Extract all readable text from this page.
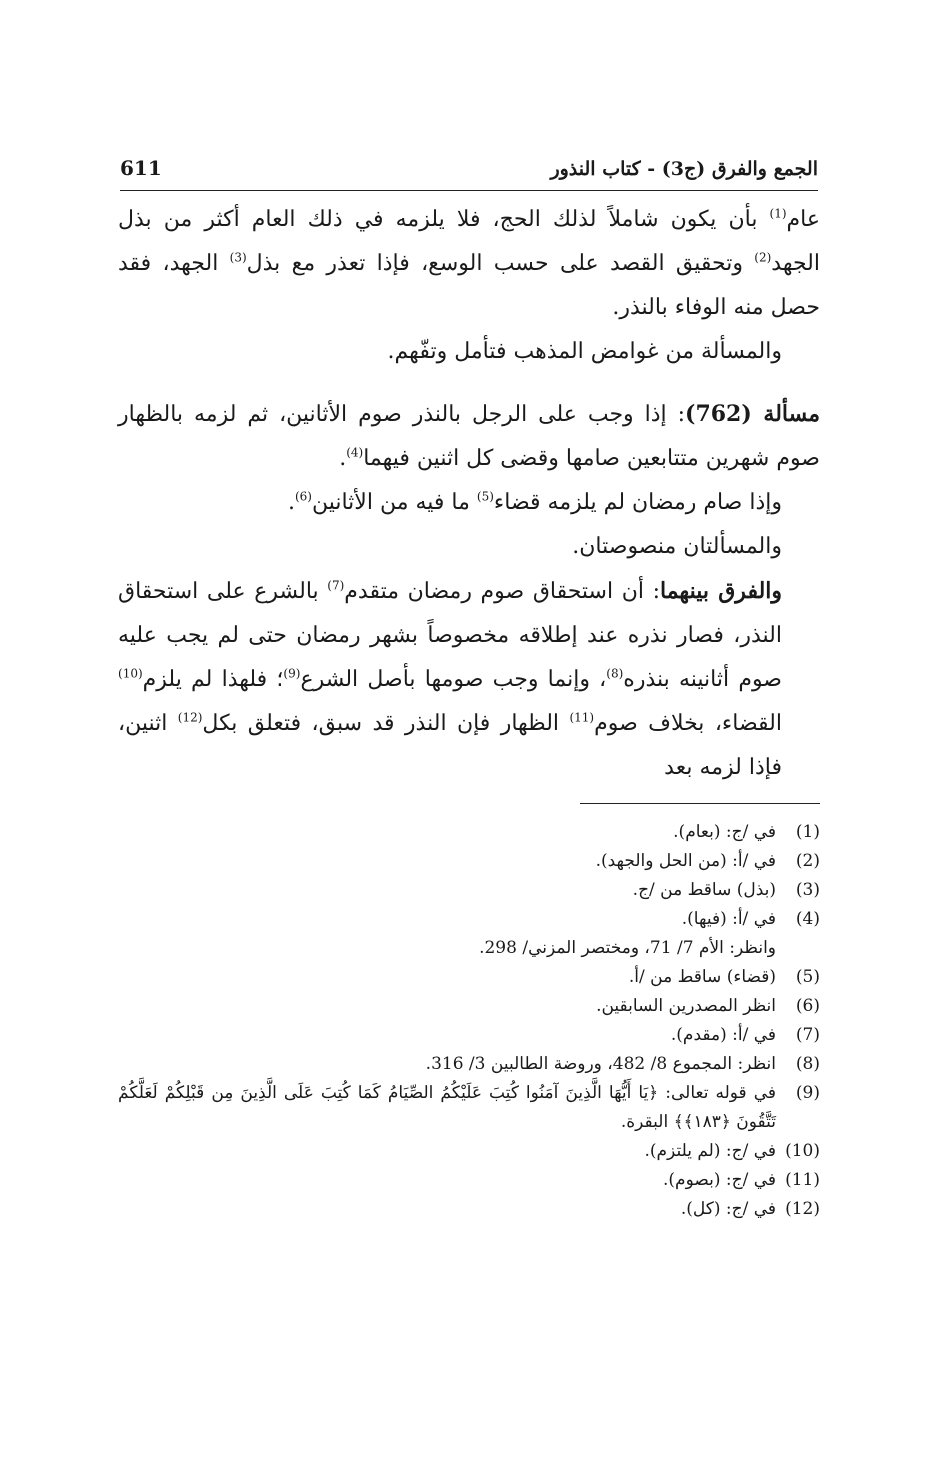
الجمع والفرق (ج3) - كتاب النذور
611

عام$^{(1)}$ بأن يكون شاملاً لذلك الحج، فلا يلزمه في ذلك العام أكثر من بذل الجهد$^{(2)}$ وتحقيق القصد على حسب الوسع، فإذا تعذر مع بذل$^{(3)}$ الجهد، فقد حصل منه الوفاء بالنذر.

والمسألة من غوامض المذهب فتأمل وتفّهم.

مسألة (762): إذا وجب على الرجل بالنذر صوم الأثانين، ثم لزمه بالظهار صوم شهرين متتابعين صامها وقضى كل اثنين فيهما$^{(4)}$.

وإذا صام رمضان لم يلزمه قضاء$^{(5)}$ ما فيه من الأثانين$^{(6)}$.

والمسألتان منصوصتان.

والفرق بينهما: أن استحقاق صوم رمضان متقدم$^{(7)}$ بالشرع على استحقاق النذر، فصار نذره عند إطلاقه مخصوصاً بشهر رمضان حتى لم يجب عليه صوم أثانينه بنذره$^{(8)}$، وإنما وجب صومها بأصل الشرع$^{(9)}$؛ فلهذا لم يلزم$^{(10)}$ القضاء، بخلاف صوم$^{(11)}$ الظهار فإن النذر قد سبق، فتعلق بكل$^{(12)}$ اثنين، فإذا لزمه بعد

(1)
في /ج: (بعام).
(2)
في /أ: (من الحل والجهد).
(3)
(بذل) ساقط من /ج.
(4)
في /أ: (فيها).
وانظر: الأم 7/ 71، ومختصر المزني/ 298.
(5)
(قضاء) ساقط من /أ.
(6)
انظر المصدرين السابقين.
(7)
في /أ: (مقدم).
(8)
انظر: المجموع 8/ 482، وروضة الطالبين 3/ 316.
(9)
في قوله تعالى: ﴿يَا أَيُّهَا الَّذِينَ آمَنُوا كُتِبَ عَلَيْكُمُ الصِّيَامُ كَمَا كُتِبَ عَلَى الَّذِينَ مِن قَبْلِكُمْ لَعَلَّكُمْ تَتَّقُونَ ﴿١٨٣﴾﴾ البقرة.
(10)
في /ج: (لم يلتزم).
(11)
في /ج: (بصوم).
(12)
في /ج: (كل).
